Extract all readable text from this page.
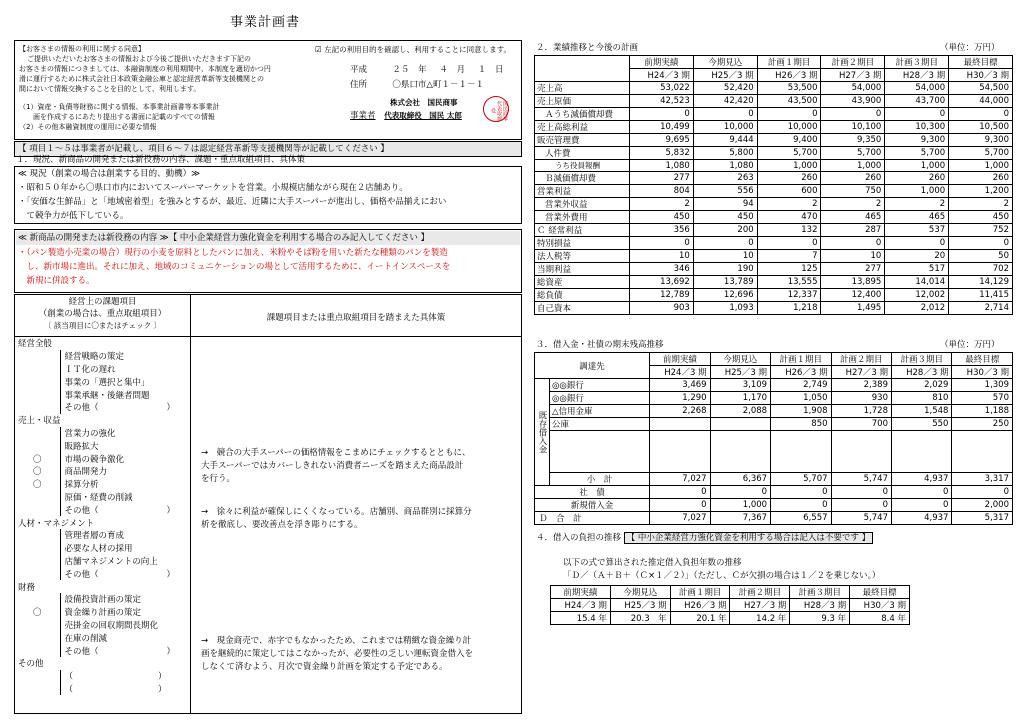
事業計画書
【お客さまの情報の利用に関する同意】
ご提供いただいたお客さまの情報および今後ご提供いただきます下記の
お客さまの情報につきましては、本融資制度の利用期間中、本制度を適切かつ円
滑に運行するために株式会社日本政策金融公庫と認定経営革新等支援機関との
間において情報交換することを目的として、利用します。
（1）資産・負債等財務に関する情報、本事業計画書等本事業計
　　画を作成するにあたり提出する書面に記載のすべての情報
（2）その他本融資制度の運用に必要な情報
☑ 左記の利用目的を確認し、利用することに同意します。
平成	２５ 年 ４ 月 １ 日
住所	〇県口市△町１－１－１
株式会社　国民商事
事業者 代表取締役　国民 太郎	国民商事代表取締役
【 項目１～５は事業者が記載し、項目６～７は認定経営革新等支援機関等が記載してください 】
１．現況、新商品の開発または新役務の内容、課題・重点取組項目、具体策
≪ 現況（創業の場合は創業する目的、動機）≫
・昭和５０年から〇県口市内においてスーパーマーケットを営業。小規模店舗ながら現在２店舗あり。
・「安価な生鮮品」と「地域密着型」を強みとするが、最近、近隣に大手スーパーが進出し、価格や品揃えにおい
　て競争力が低下している。
≪ 新商品の開発または新役務の内容 ≫【 中小企業経営力強化資金を利用する場合のみ記入してください 】
・（パン製造小売業の場合）現行の小麦を原料としたパンに加え、米粉やそば粉を用いた新たな種類のパンを製造
　し、新市場に進出。それに加え、地域のコミュニケーションの場として活用するために、イートインスペースを
　新規に併設する。
経営上の課題項目
（創業の場合は、重点取組項目）
〔 該当項目に〇またはチェック 〕
経営全般	
	経営戦略の策定
	ＩＴ化の遅れ
	事業の「選択と集中」
	事業承継・後継者問題
	その他（　　　　　　　　）
売上・収益	
	営業力の強化
	販路拡大
〇	市場の競争激化
〇	商品開発力
〇	採算分析
	原価・経費の削減
	その他（　　　　　　　　）
人材・マネジメント	
	管理者層の育成
	必要な人材の採用
	店舗マネジメントの向上
	その他（　　　　　　　　）
財務	
	設備投資計画の策定
〇	資金繰り計画の策定
	売掛金の回収期間長期化
	在庫の削減
	その他（　　　　　　　　）
その他	
	（　　　　　　　　　　）
	（　　　　　　　　　　）
課題項目または重点取組項目を踏まえた具体策
→　競合の大手スーパーの価格情報をこまめにチェックするとともに、
大手スーパーではカバーしきれない消費者ニーズを踏まえた商品設計
を行う。
→　徐々に利益が確保しにくくなっている。店舗別、商品群別に採算分
析を徹底し、要改善点を浮き彫りにする。
→　現金商売で、赤字でもなかったため、これまでは精緻な資金繰り計
画を継続的に策定してはこなかったが、必要性の乏しい運転資金借入を
しなくて済むよう、月次で資金繰り計画を策定する予定である。
２．業績推移と今後の計画	（単位：万円）
	前期実績	今期見込	計画１期目	計画２期目	計画３期目	最終目標
	H24／3 期	H25／3 期	H26／3 期	H27／3 期	H28／3 期	H30／3 期
売上高	53,022	52,420	53,500	54,000	54,000	54,500
売上原価	42,523	42,420	43,500	43,900	43,700	44,000
Ａうち減価償却費	0	0	0	0	0	0
売上高総利益	10,499	10,000	10,000	10,100	10,300	10,500
販売管理費	9,695	9,444	9,400	9,350	9,300	9,300
人件費	5,832	5,800	5,700	5,700	5,700	5,700
うち役員報酬	1,080	1,080	1,000	1,000	1,000	1,000
Ｂ減価償却費	277	263	260	260	260	260
営業利益	804	556	600	750	1,000	1,200
営業外収益	2	94	2	2	2	2
営業外費用	450	450	470	465	465	450
Ｃ 経常利益	356	200	132	287	537	752
特別損益	0	0	0	0	0	0
法人税等	10	10	7	10	20	50
当期利益	346	190	125	277	517	702
総資産	13,692	13,789	13,555	13,895	14,014	14,129
総負債	12,789	12,696	12,337	12,400	12,002	11,415
自己資本	903	1,093	1,218	1,495	2,012	2,714
３．借入金・社債の期末残高推移	（単位：万円）
調達先		前期実績	今期見込	計画１期目	計画２期目	計画３期目	最終目標
		H24／3 期	H25／3 期	H26／3 期	H27／3 期	H28／3 期	H30／3 期
既存借入金	◎◎銀行	3,469	3,109	2,749	2,389	2,029	1,309
	◎◎銀行	1,290	1,170	1,050	930	810	570
	△信用金庫	2,268	2,088	1,908	1,728	1,548	1,188
	公庫			850	700	550	250

	小　計	7,027	6,367	5,707	5,747	4,937	3,317
社　債		0	0	0	0	0	0
新規借入金		0	1,000	0	0	0	2,000
Ｄ　合　計		7,027	7,367	6,557	5,747	4,937	5,317
４．借入の負担の推移 【 中小企業経営力強化資金を利用する場合は記入は不要です 】
以下の式で算出された推定借入負担年数の推移
「Ｄ／（Ａ＋Ｂ＋（Ｃ×１／２）」（ただし、Ｃが欠損の場合は１／２を乗じない。）
前期実績	今期見込	計画１期目	計画２期目	計画３期目	最終目標
H24／3 期	H25／3 期	H26／3 期	H27／3 期	H28／3 期	H30／3 期
15.4 年	20.3　年	20.1 年	14.2 年	9.3 年	8.4 年
